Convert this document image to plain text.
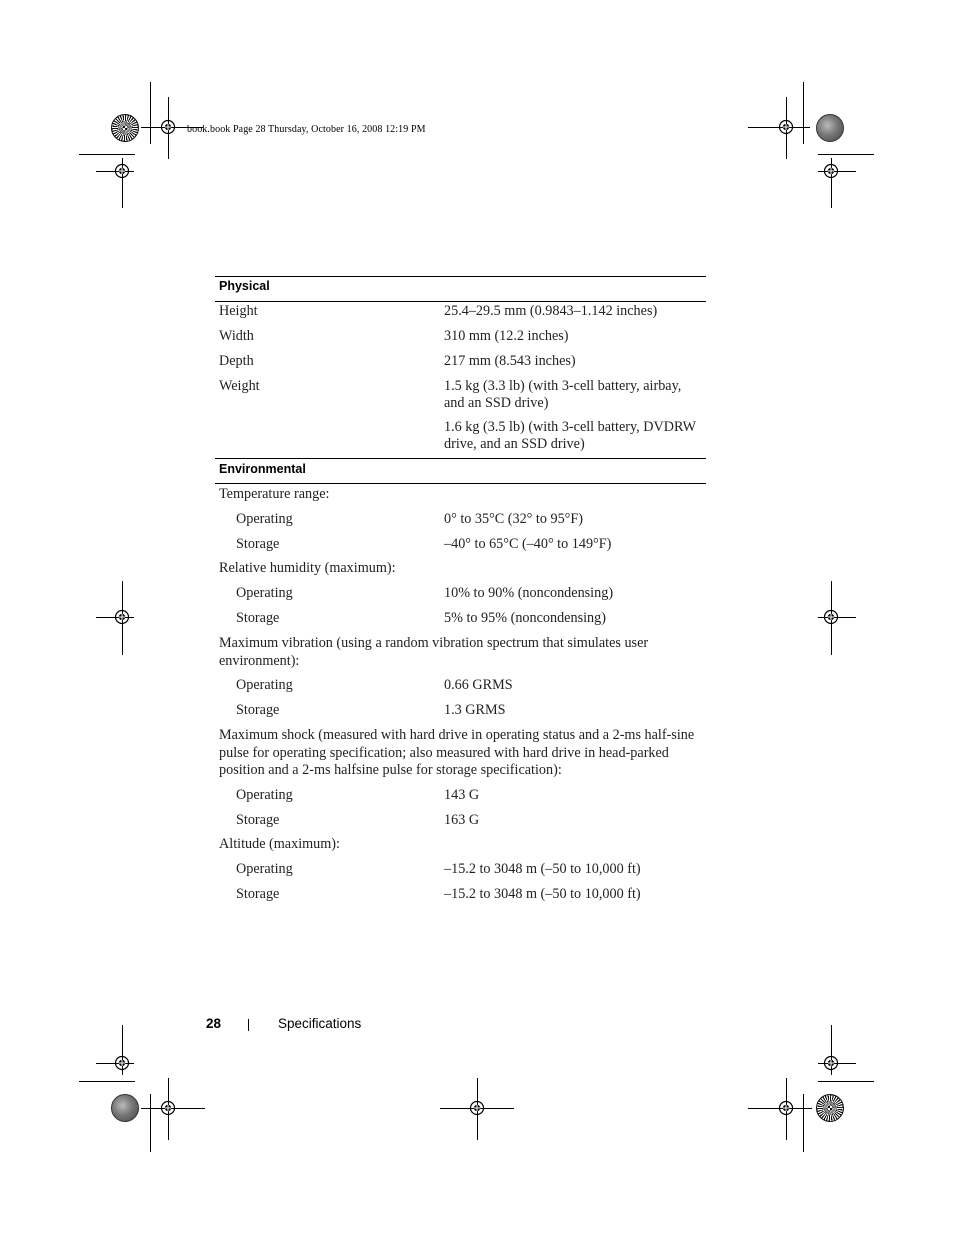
book.book Page 28 Thursday, October 16, 2008 12:19 PM
Physical
Height	25.4–29.5 mm (0.9843–1.142 inches)
Width	310 mm (12.2 inches)
Depth	217 mm (8.543 inches)
Weight	1.5 kg (3.3 lb) (with 3-cell battery, airbay, and an SSD drive)
1.6 kg (3.5 lb) (with 3-cell battery, DVDRW drive, and an SSD drive)
Environmental
Temperature range:
Operating	0° to 35°C (32° to 95°F)
Storage	–40° to 65°C (–40° to 149°F)
Relative humidity (maximum):
Operating	10% to 90% (noncondensing)
Storage	5% to 95% (noncondensing)
Maximum vibration (using a random vibration spectrum that simulates user environment):
Operating	0.66 GRMS
Storage	1.3 GRMS
Maximum shock (measured with hard drive in operating status and a 2-ms half-sine pulse for operating specification; also measured with hard drive in head-parked position and a 2-ms halfsine pulse for storage specification):
Operating	143 G
Storage	163 G
Altitude (maximum):
Operating	–15.2 to 3048 m (–50 to 10,000 ft)
Storage	–15.2 to 3048 m (–50 to 10,000 ft)
28	Specifications
